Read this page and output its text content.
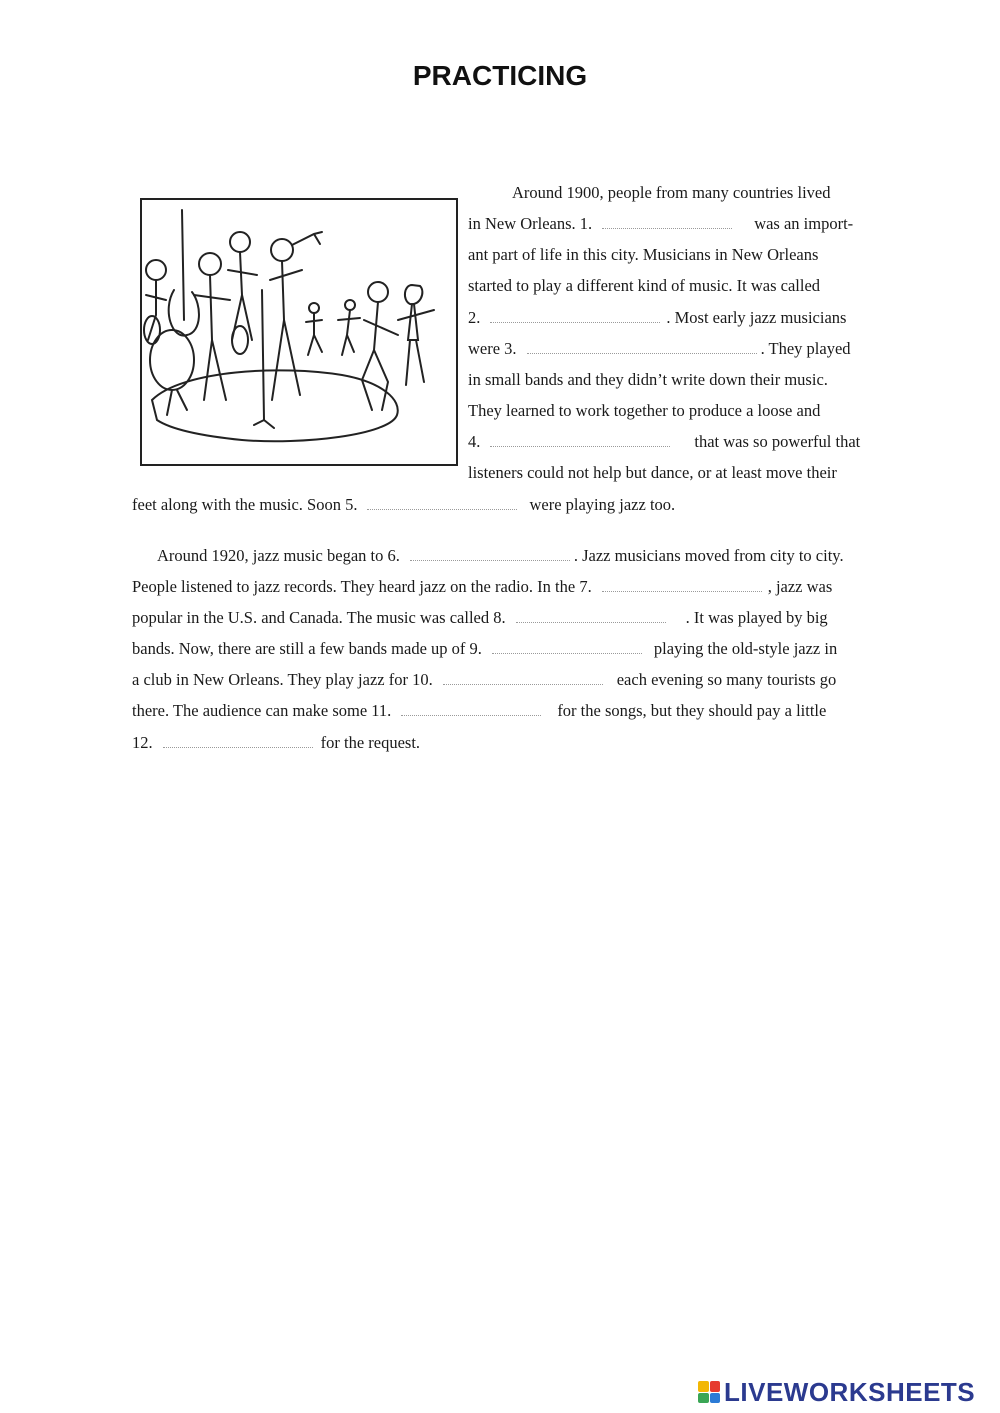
PRACTICING
Around 1900, people from many countries lived
in New Orleans. 1.	was an import-
ant part of life in this city. Musicians in New Orleans
started to play a different kind of music. It was called
2.	. Most early jazz musicians
were 3.	. They played
in small bands and they didn’t write down their music.
They learned to work together to produce a loose and
4.	that was so powerful that
listeners could not help but dance, or at least move their
feet along with the music. Soon 5.	were playing jazz too.
Around 1920, jazz music began to 6.	. Jazz musicians moved from city to city.
People listened to jazz records. They heard jazz on the radio. In the 7.	, jazz was
popular in the U.S. and Canada. The music was called 8.	. It was played by big
bands. Now, there are still a few bands made up of 9.	playing the old-style jazz in
a club in New Orleans. They play jazz for 10.	each evening so many tourists go
there. The audience can make some 11.	for the songs, but they should pay a little
12.	for the request.
LIVEWORKSHEETS
